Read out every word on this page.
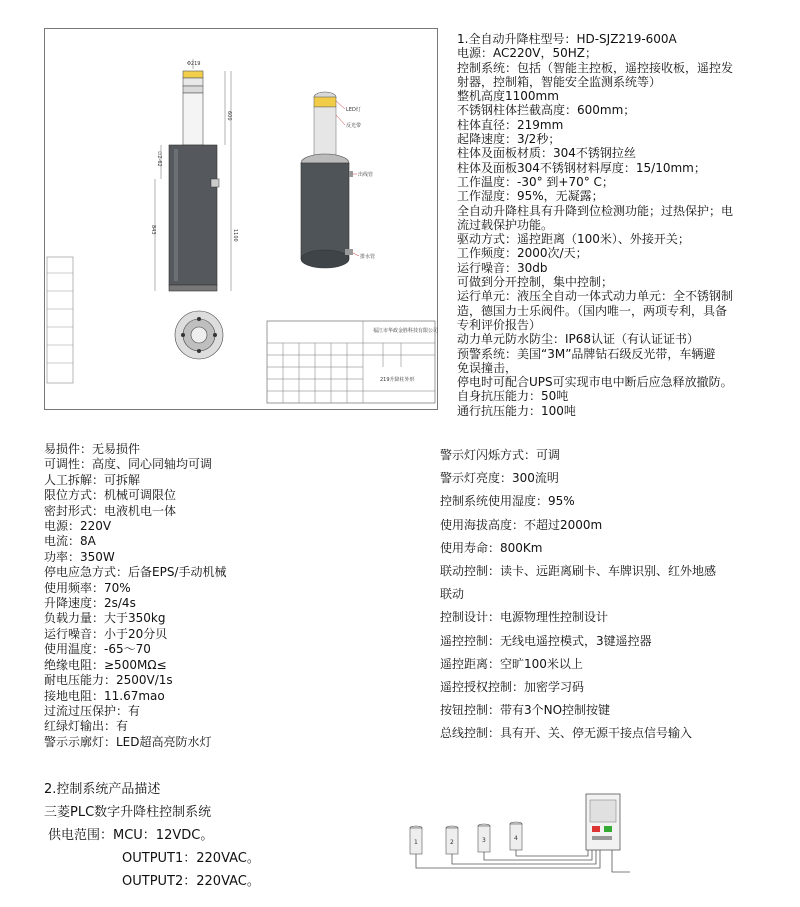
Φ219
600
1100
∅2-62
843
LED灯
反光带
出线管
排水管
福江市华政金胜科技有限公司
219升降柱外形
1.全自动升降柱型号：HD-SJZ219-600A
电源：AC220V，50HZ；
控制系统：包括（智能主控板，遥控接收板，遥控发
射器，控制箱，智能安全监测系统等）
整机高度1100mm
不锈钢柱体拦截高度：600mm；
柱体直径：219mm
起降速度：3/2秒；
柱体及面板材质：304不锈钢拉丝
柱体及面板304不锈钢材料厚度：15/10mm；
工作温度：-30° 到+70° C；
工作湿度：95%，无凝露；
全自动升降柱具有升降到位检测功能；过热保护；电
流过载保护功能。
驱动方式：遥控距离（100米）、外接开关；
工作频度：2000次/天；
运行噪音：30db
可做到分开控制，集中控制；
运行单元：液压全自动一体式动力单元：全不锈钢制
造，德国力士乐阀件。（国内唯一，两项专利，具备
专利评价报告）
动力单元防水防尘：IP68认证（有认证证书）
预警系统：美国“3M”品牌钻石级反光带，车辆避
免误撞击，
停电时可配合UPS可实现市电中断后应急释放撤防。
自身抗压能力：50吨
通行抗压能力：100吨
易损件：无易损件
可调性：高度、同心同轴均可调
人工拆解：可拆解
限位方式：机械可调限位
密封形式：电液机电一体
电源：220V
电流：8A
功率：350W
停电应急方式：后备EPS/手动机械
使用频率：70%
升降速度：2s/4s
负载力量：大于350kg
运行噪音：小于20分贝
使用温度：-65～70
绝缘电阻：≥500MΩ≤
耐电压能力：2500V/1s
接地电阻：11.67mao
过流过压保护：有
红绿灯输出：有
警示示廓灯：LED超高亮防水灯
警示灯闪烁方式：可调
警示灯亮度：300流明
控制系统使用湿度：95%
使用海拔高度：不超过2000m
使用寿命：800Km
联动控制：读卡、远距离刷卡、车牌识别、红外地感
联动
控制设计：电源物理性控制设计
遥控控制：无线电遥控模式，3键遥控器
遥控距离：空旷100米以上
遥控授权控制：加密学习码
按钮控制：带有3个NO控制按键
总线控制：具有开、关、停无源干接点信号输入
2.控制系统产品描述
三菱PLC数字升降柱控制系统
供电范围：MCU：12VDC。
OUTPUT1：220VAC。
OUTPUT2：220VAC。
1	2	3	4
